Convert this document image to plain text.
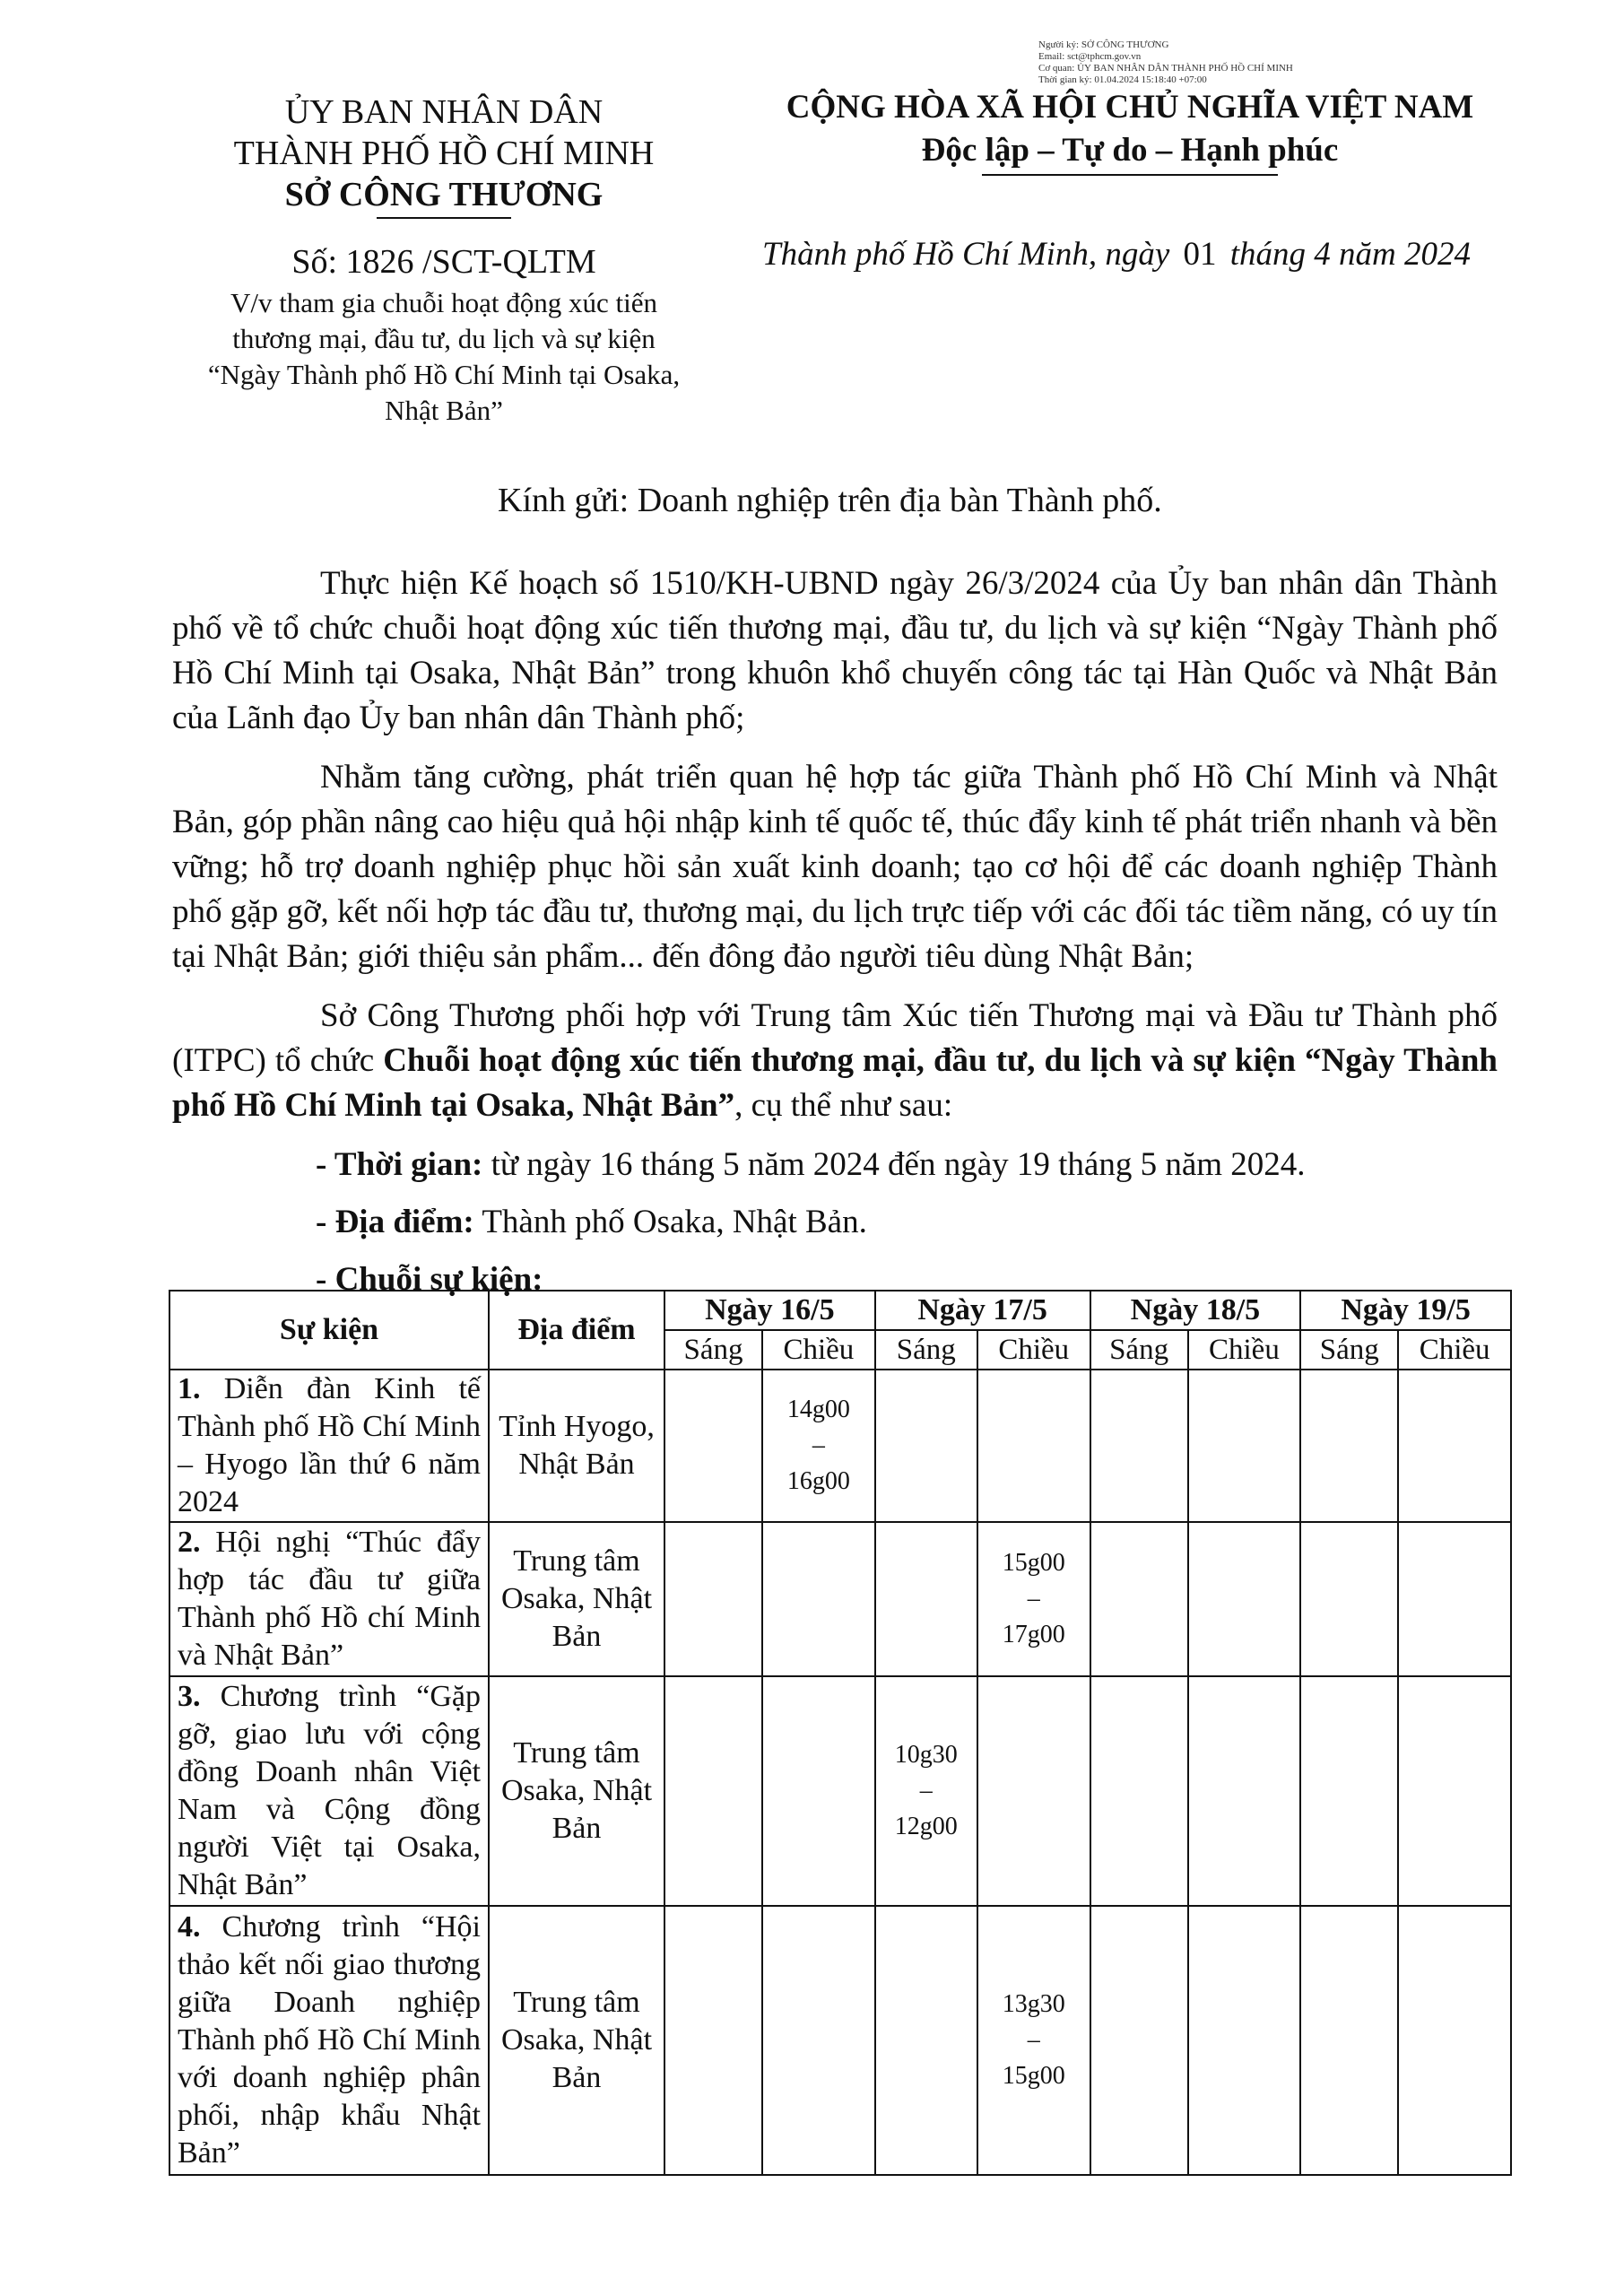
Người ký: SỞ CÔNG THƯƠNG
Email: sct@tphcm.gov.vn
Cơ quan: ỦY BAN NHÂN DÂN THÀNH PHỐ HỒ CHÍ MINH
Thời gian ký: 01.04.2024 15:18:40 +07:00
ỦY BAN NHÂN DÂN
THÀNH PHỐ HỒ CHÍ MINH
SỞ CÔNG THƯƠNG
CỘNG HÒA XÃ HỘI CHỦ NGHĨA VIỆT NAM
Độc lập – Tự do – Hạnh phúc
Số: 1826 /SCT-QLTM
V/v tham gia chuỗi hoạt động xúc tiến
thương mại, đầu tư, du lịch và sự kiện
“Ngày Thành phố Hồ Chí Minh tại Osaka,
Nhật Bản”
Thành phố Hồ Chí Minh, ngày 01 tháng 4 năm 2024
Kính gửi: Doanh nghiệp trên địa bàn Thành phố.

Thực hiện Kế hoạch số 1510/KH-UBND ngày 26/3/2024 của Ủy ban nhân dân Thành phố về tổ chức chuỗi hoạt động xúc tiến thương mại, đầu tư, du lịch và sự kiện “Ngày Thành phố Hồ Chí Minh tại Osaka, Nhật Bản” trong khuôn khổ chuyến công tác tại Hàn Quốc và Nhật Bản của Lãnh đạo Ủy ban nhân dân Thành phố;

Nhằm tăng cường, phát triển quan hệ hợp tác giữa Thành phố Hồ Chí Minh và Nhật Bản, góp phần nâng cao hiệu quả hội nhập kinh tế quốc tế, thúc đẩy kinh tế phát triển nhanh và bền vững; hỗ trợ doanh nghiệp phục hồi sản xuất kinh doanh; tạo cơ hội để các doanh nghiệp Thành phố gặp gỡ, kết nối hợp tác đầu tư, thương mại, du lịch trực tiếp với các đối tác tiềm năng, có uy tín tại Nhật Bản; giới thiệu sản phẩm... đến đông đảo người tiêu dùng Nhật Bản;

Sở Công Thương phối hợp với Trung tâm Xúc tiến Thương mại và Đầu tư Thành phố (ITPC) tổ chức Chuỗi hoạt động xúc tiến thương mại, đầu tư, du lịch và sự kiện “Ngày Thành phố Hồ Chí Minh tại Osaka, Nhật Bản”, cụ thể như sau:

- Thời gian: từ ngày 16 tháng 5 năm 2024 đến ngày 19 tháng 5 năm 2024.
- Địa điểm: Thành phố Osaka, Nhật Bản.
- Chuỗi sự kiện:
Sự kiện	Địa điểm	Ngày 16/5		Ngày 17/5		Ngày 18/5		Ngày 19/5	
		Sáng	Chiều	Sáng	Chiều	Sáng	Chiều	Sáng	Chiều
1. Diễn đàn Kinh tế Thành phố Hồ Chí Minh – Hyogo lần thứ 6 năm 2024	Tỉnh Hyogo, Nhật Bản		14g00
–
16g00						

2. Hội nghị “Thúc đẩy hợp tác đầu tư giữa Thành phố Hồ chí Minh và Nhật Bản”	Trung tâm Osaka, Nhật Bản				15g00
–
17g00				

3. Chương trình “Gặp gỡ, giao lưu với cộng đồng Doanh nhân Việt Nam và Cộng đồng người Việt tại Osaka, Nhật Bản”	Trung tâm Osaka, Nhật Bản			10g30
–
12g00					

4. Chương trình “Hội thảo kết nối giao thương giữa Doanh nghiệp Thành phố Hồ Chí Minh với doanh nghiệp phân phối, nhập khẩu Nhật Bản”	Trung tâm Osaka, Nhật Bản				13g30
–
15g00				
